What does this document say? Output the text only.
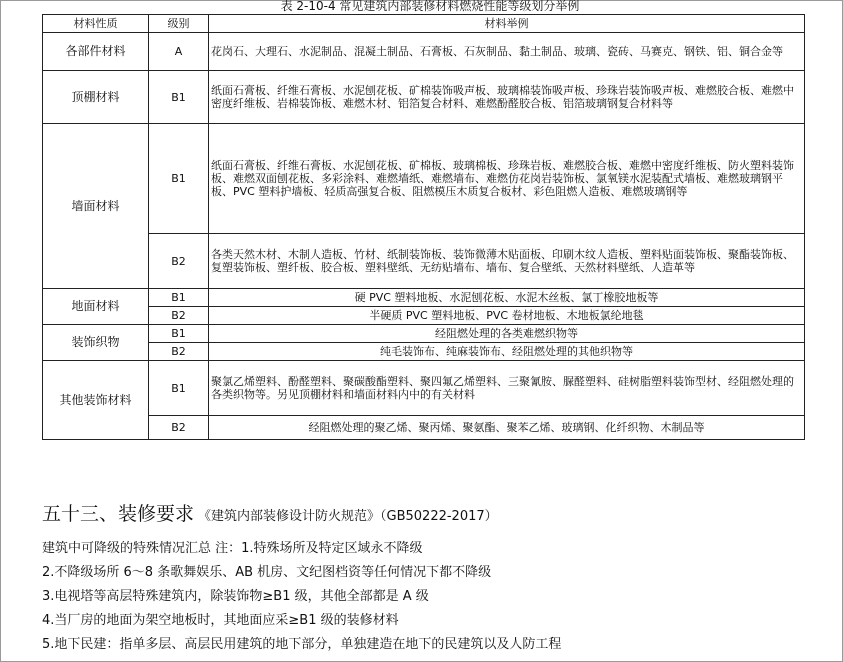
表 2-10-4 常见建筑内部装修材料燃烧性能等级划分举例
材料性质	级别	材料举例
各部件材料	A	花岗石、大理石、水泥制品、混凝土制品、石膏板、石灰制品、黏土制品、玻璃、瓷砖、马赛克、钢铁、铝、铜合金等
顶棚材料	B1	纸面石膏板、纤维石膏板、水泥刨花板、矿棉装饰吸声板、玻璃棉装饰吸声板、珍珠岩装饰吸声板、难燃胶合板、难燃中密度纤维板、岩棉装饰板、难燃木材、铝箔复合材料、难燃酚醛胶合板、铝箔玻璃钢复合材料等
墙面材料	B1	纸面石膏板、纤维石膏板、水泥刨花板、矿棉板、玻璃棉板、珍珠岩板、难燃胶合板、难燃中密度纤维板、防火塑料装饰板、难燃双面刨花板、多彩涂料、难燃墙纸、难燃墙布、难燃仿花岗岩装饰板、氯氧镁水泥装配式墙板、难燃玻璃钢平板、PVC 塑料护墙板、轻质高强复合板、阻燃模压木质复合板材、彩色阻燃人造板、难燃玻璃钢等
	B2	各类天然木材、木制人造板、竹材、纸制装饰板、装饰微薄木贴面板、印刷木纹人造板、塑料贴面装饰板、聚酯装饰板、复塑装饰板、塑纤板、胶合板、塑料壁纸、无纺贴墙布、墙布、复合壁纸、天然材料壁纸、人造革等
地面材料	B1	硬 PVC 塑料地板、水泥刨花板、水泥木丝板、氯丁橡胶地板等
	B2	半硬质 PVC 塑料地板、PVC 卷材地板、木地板氯纶地毯
装饰织物	B1	经阻燃处理的各类难燃织物等
	B2	纯毛装饰布、纯麻装饰布、经阻燃处理的其他织物等
其他装饰材料	B1	聚氯乙烯塑料、酚醛塑料、聚碳酸酯塑料、聚四氟乙烯塑料、三聚氰胺、脲醛塑料、硅树脂塑料装饰型材、经阻燃处理的各类织物等。另见顶棚材料和墙面材料内中的有关材料
	B2	经阻燃处理的聚乙烯、聚丙烯、聚氨酯、聚苯乙烯、玻璃钢、化纤织物、木制品等
五十三、装修要求 《建筑内部装修设计防火规范》（GB50222-2017）
建筑中可降级的特殊情况汇总 注：1.特殊场所及特定区域永不降级
2.不降级场所 6～8 条歌舞娱乐、AB 机房、文纪图档资等任何情况下都不降级
3.电视塔等高层特殊建筑内，除装饰物≥B1 级，其他全部都是 A 级
4.当厂房的地面为架空地板时，其地面应采≥B1 级的装修材料
5.地下民建：指单多层、高层民用建筑的地下部分，单独建造在地下的民建筑以及人防工程
